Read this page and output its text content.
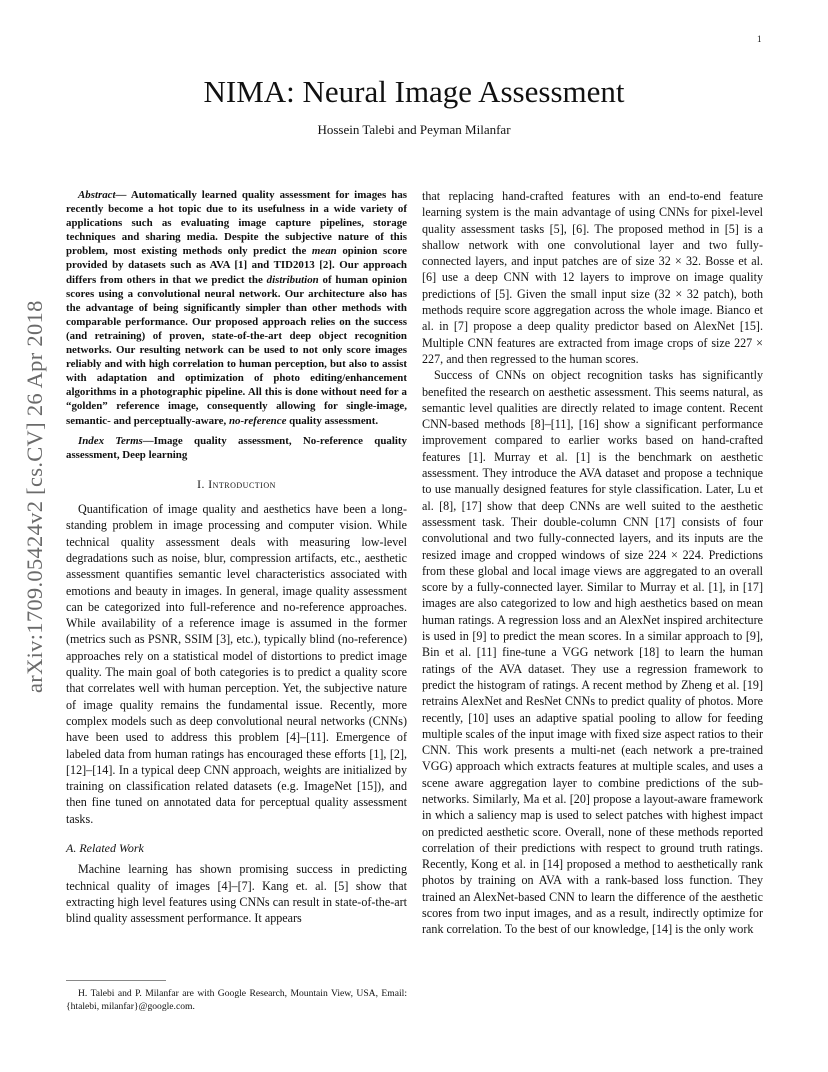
1
arXiv:1709.05424v2 [cs.CV] 26 Apr 2018
NIMA: Neural Image Assessment
Hossein Talebi and Peyman Milanfar

Abstract— Automatically learned quality assessment for images has recently become a hot topic due to its usefulness in a wide variety of applications such as evaluating image capture pipelines, storage techniques and sharing media. Despite the subjective nature of this problem, most existing methods only predict the mean opinion score provided by datasets such as AVA [1] and TID2013 [2]. Our approach differs from others in that we predict the distribution of human opinion scores using a convolutional neural network. Our architecture also has the advantage of being significantly simpler than other methods with comparable performance. Our proposed approach relies on the success (and retraining) of proven, state-of-the-art deep object recognition networks. Our resulting network can be used to not only score images reliably and with high correlation to human perception, but also to assist with adaptation and optimization of photo editing/enhancement algorithms in a photographic pipeline. All this is done without need for a “golden” reference image, consequently allowing for single-image, semantic- and perceptually-aware, no-reference quality assessment.

Index Terms—Image quality assessment, No-reference quality assessment, Deep learning

I. Introduction

Quantification of image quality and aesthetics have been a long-standing problem in image processing and computer vision. While technical quality assessment deals with measuring low-level degradations such as noise, blur, compression artifacts, etc., aesthetic assessment quantifies semantic level characteristics associated with emotions and beauty in images. In general, image quality assessment can be categorized into full-reference and no-reference approaches. While availability of a reference image is assumed in the former (metrics such as PSNR, SSIM [3], etc.), typically blind (no-reference) approaches rely on a statistical model of distortions to predict image quality. The main goal of both categories is to predict a quality score that correlates well with human perception. Yet, the subjective nature of image quality remains the fundamental issue. Recently, more complex models such as deep convolutional neural networks (CNNs) have been used to address this problem [4]–[11]. Emergence of labeled data from human ratings has encouraged these efforts [1], [2], [12]–[14]. In a typical deep CNN approach, weights are initialized by training on classification related datasets (e.g. ImageNet [15]), and then fine tuned on annotated data for perceptual quality assessment tasks.

A. Related Work

Machine learning has shown promising success in predicting technical quality of images [4]–[7]. Kang et. al. [5] show that extracting high level features using CNNs can result in state-of-the-art blind quality assessment performance. It appears

H. Talebi and P. Milanfar are with Google Research, Mountain View, USA, Email: {htalebi, milanfar}@google.com.

that replacing hand-crafted features with an end-to-end feature learning system is the main advantage of using CNNs for pixel-level quality assessment tasks [5], [6]. The proposed method in [5] is a shallow network with one convolutional layer and two fully-connected layers, and input patches are of size 32 × 32. Bosse et al. [6] use a deep CNN with 12 layers to improve on image quality predictions of [5]. Given the small input size (32 × 32 patch), both methods require score aggregation across the whole image. Bianco et al. in [7] propose a deep quality predictor based on AlexNet [15]. Multiple CNN features are extracted from image crops of size 227 × 227, and then regressed to the human scores.

Success of CNNs on object recognition tasks has significantly benefited the research on aesthetic assessment. This seems natural, as semantic level qualities are directly related to image content. Recent CNN-based methods [8]–[11], [16] show a significant performance improvement compared to earlier works based on hand-crafted features [1]. Murray et al. [1] is the benchmark on aesthetic assessment. They introduce the AVA dataset and propose a technique to use manually designed features for style classification. Later, Lu et al. [8], [17] show that deep CNNs are well suited to the aesthetic assessment task. Their double-column CNN [17] consists of four convolutional and two fully-connected layers, and its inputs are the resized image and cropped windows of size 224 × 224. Predictions from these global and local image views are aggregated to an overall score by a fully-connected layer. Similar to Murray et al. [1], in [17] images are also categorized to low and high aesthetics based on mean human ratings. A regression loss and an AlexNet inspired architecture is used in [9] to predict the mean scores. In a similar approach to [9], Bin et al. [11] fine-tune a VGG network [18] to learn the human ratings of the AVA dataset. They use a regression framework to predict the histogram of ratings. A recent method by Zheng et al. [19] retrains AlexNet and ResNet CNNs to predict quality of photos. More recently, [10] uses an adaptive spatial pooling to allow for feeding multiple scales of the input image with fixed size aspect ratios to their CNN. This work presents a multi-net (each network a pre-trained VGG) approach which extracts features at multiple scales, and uses a scene aware aggregation layer to combine predictions of the sub-networks. Similarly, Ma et al. [20] propose a layout-aware framework in which a saliency map is used to select patches with highest impact on predicted aesthetic score. Overall, none of these methods reported correlation of their predictions with respect to ground truth ratings. Recently, Kong et al. in [14] proposed a method to aesthetically rank photos by training on AVA with a rank-based loss function. They trained an AlexNet-based CNN to learn the difference of the aesthetic scores from two input images, and as a result, indirectly optimize for rank correlation. To the best of our knowledge, [14] is the only work
